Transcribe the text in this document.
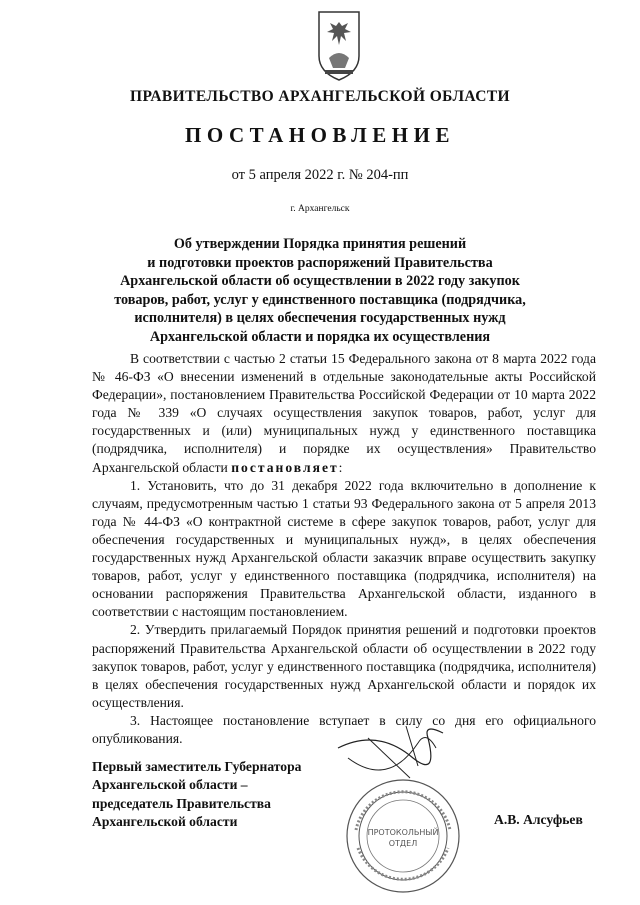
ПРАВИТЕЛЬСТВО АРХАНГЕЛЬСКОЙ ОБЛАСТИ
ПОСТАНОВЛЕНИЕ
от 5 апреля 2022 г. № 204-пп
г. Архангельск
Об утверждении Порядка принятия решений
и подготовки проектов распоряжений Правительства
Архангельской области об осуществлении в 2022 году закупок
товаров, работ, услуг у единственного поставщика (подрядчика,
исполнителя) в целях обеспечения государственных нужд
Архангельской области и порядка их осуществления

В соответствии с частью 2 статьи 15 Федерального закона от 8 марта 2022 года № 46-ФЗ «О внесении изменений в отдельные законодательные акты Российской Федерации», постановлением Правительства Российской Федерации от 10 марта 2022 года № 339 «О случаях осуществления закупок товаров, работ, услуг для государственных и (или) муниципальных нужд у единственного поставщика (подрядчика, исполнителя) и порядке их осуществления» Правительство Архангельской области постановляет:

1. Установить, что до 31 декабря 2022 года включительно в дополнение к случаям, предусмотренным частью 1 статьи 93 Федерального закона от 5 апреля 2013 года № 44-ФЗ «О контрактной системе в сфере закупок товаров, работ, услуг для обеспечения государственных и муниципальных нужд», в целях обеспечения государственных нужд Архангельской области заказчик вправе осуществить закупку товаров, работ, услуг у единственного поставщика (подрядчика, исполнителя) на основании распоряжения Правительства Архангельской области, изданного в соответствии с настоящим постановлением.

2. Утвердить прилагаемый Порядок принятия решений и подготовки проектов распоряжений Правительства Архангельской области об осуществлении в 2022 году закупок товаров, работ, услуг у единственного поставщика (подрядчика, исполнителя) в целях обеспечения государственных нужд Архангельской области и порядок их осуществления.

3. Настоящее постановление вступает в силу со дня его официального опубликования.

ПРОТОКОЛЬНЫЙ
ОТДЕЛ
Первый заместитель Губернатора
Архангельской области –
председатель Правительства
Архангельской области	А.В. Алсуфьев
